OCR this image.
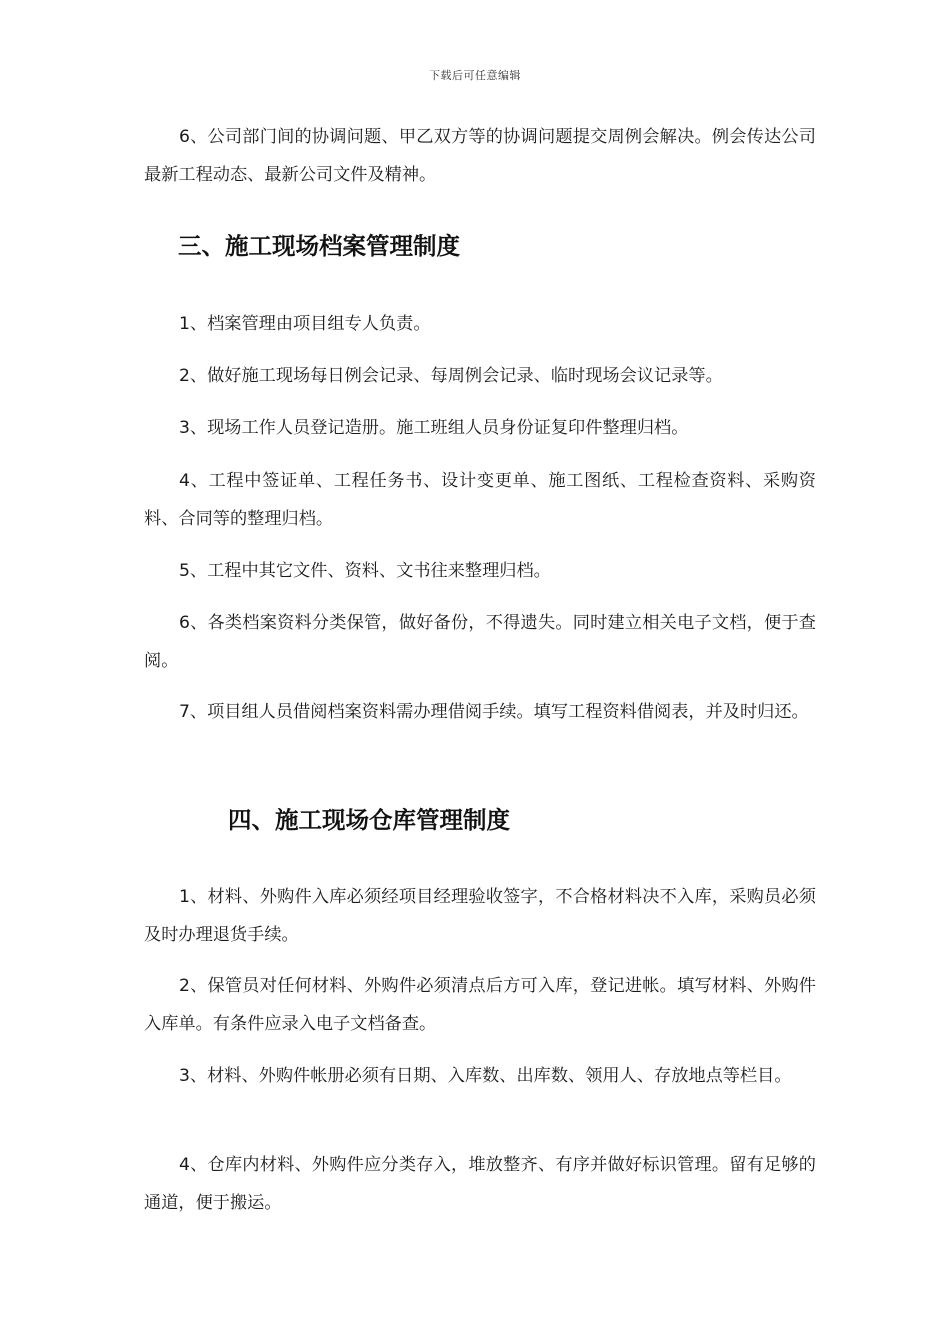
下载后可任意编辑

6、公司部门间的协调问题、甲乙双方等的协调问题提交周例会解决。例会传达公司最新工程动态、最新公司文件及精神。

三、施工现场档案管理制度

1、档案管理由项目组专人负责。

2、做好施工现场每日例会记录、每周例会记录、临时现场会议记录等。

3、现场工作人员登记造册。施工班组人员身份证复印件整理归档。

4、工程中签证单、工程任务书、设计变更单、施工图纸、工程检查资料、采购资料、合同等的整理归档。

5、工程中其它文件、资料、文书往来整理归档。

6、各类档案资料分类保管，做好备份，不得遗失。同时建立相关电子文档，便于查阅。

7、项目组人员借阅档案资料需办理借阅手续。填写工程资料借阅表，并及时归还。

四、施工现场仓库管理制度

1、材料、外购件入库必须经项目经理验收签字，不合格材料决不入库，采购员必须及时办理退货手续。

2、保管员对任何材料、外购件必须清点后方可入库，登记进帐。填写材料、外购件入库单。有条件应录入电子文档备查。

3、材料、外购件帐册必须有日期、入库数、出库数、领用人、存放地点等栏目。

4、仓库内材料、外购件应分类存入，堆放整齐、有序并做好标识管理。留有足够的通道，便于搬运。
